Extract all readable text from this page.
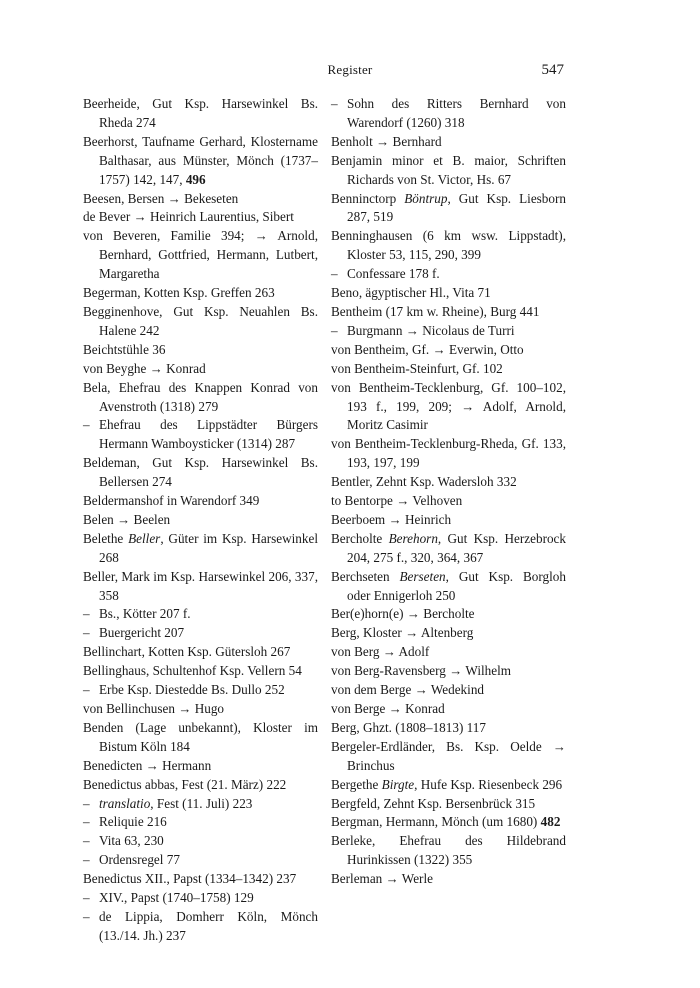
Register	547
Beerheide, Gut Ksp. Harsewinkel Bs. Rheda 274
Beerhorst, Taufname Gerhard, Klostername Balthasar, aus Münster, Mönch (1737–1757) 142, 147, 496
Beesen, Bersen → Bekeseten
de Bever → Heinrich Laurentius, Sibert
von Beveren, Familie 394; → Arnold, Bernhard, Gottfried, Hermann, Lutbert, Margaretha
Begerman, Kotten Ksp. Greffen 263
Begginenhove, Gut Ksp. Neuahlen Bs. Halene 242
Beichtstühle 36
von Beyghe → Konrad
Bela, Ehefrau des Knappen Konrad von Avenstroth (1318) 279
– Ehefrau des Lippstädter Bürgers Hermann Wamboysticker (1314) 287
Beldeman, Gut Ksp. Harsewinkel Bs. Bellersen 274
Beldermanshof in Warendorf 349
Belen → Beelen
Belethe Beller, Güter im Ksp. Harsewinkel 268
Beller, Mark im Ksp. Harsewinkel 206, 337, 358
– Bs., Kötter 207 f.
– Buergericht 207
Bellinchart, Kotten Ksp. Gütersloh 267
Bellinghaus, Schultenhof Ksp. Vellern 54
– Erbe Ksp. Diestedde Bs. Dullo 252
von Bellinchusen → Hugo
Benden (Lage unbekannt), Kloster im Bistum Köln 184
Benedicten → Hermann
Benedictus abbas, Fest (21. März) 222
– translatio, Fest (11. Juli) 223
– Reliquie 216
– Vita 63, 230
– Ordensregel 77
Benedictus XII., Papst (1334–1342) 237
– XIV., Papst (1740–1758) 129
– de Lippia, Domherr Köln, Mönch (13./14. Jh.) 237
– Sohn des Ritters Bernhard von Warendorf (1260) 318
Benholt → Bernhard
Benjamin minor et B. maior, Schriften Richards von St. Victor, Hs. 67
Benninctorp Böntrup, Gut Ksp. Liesborn 287, 519
Benninghausen (6 km wsw. Lippstadt), Kloster 53, 115, 290, 399
– Confessare 178 f.
Beno, ägyptischer Hl., Vita 71
Bentheim (17 km w. Rheine), Burg 441
– Burgmann → Nicolaus de Turri
von Bentheim, Gf. → Everwin, Otto
von Bentheim-Steinfurt, Gf. 102
von Bentheim-Tecklenburg, Gf. 100–102, 193 f., 199, 209; → Adolf, Arnold, Moritz Casimir
von Bentheim-Tecklenburg-Rheda, Gf. 133, 193, 197, 199
Bentler, Zehnt Ksp. Wadersloh 332
to Bentorpe → Velhoven
Beerboem → Heinrich
Bercholte Berehorn, Gut Ksp. Herzebrock 204, 275 f., 320, 364, 367
Berchseten Berseten, Gut Ksp. Borgloh oder Ennigerloh 250
Ber(e)horn(e) → Bercholte
Berg, Kloster → Altenberg
von Berg → Adolf
von Berg-Ravensberg → Wilhelm
von dem Berge → Wedekind
von Berge → Konrad
Berg, Ghzt. (1808–1813) 117
Bergeler-Erdländer, Bs. Ksp. Oelde → Brinchus
Bergethe Birgte, Hufe Ksp. Riesenbeck 296
Bergfeld, Zehnt Ksp. Bersenbrück 315
Bergman, Hermann, Mönch (um 1680) 482
Berleke, Ehefrau des Hildebrand Hurinkissen (1322) 355
Berleman → Werle
